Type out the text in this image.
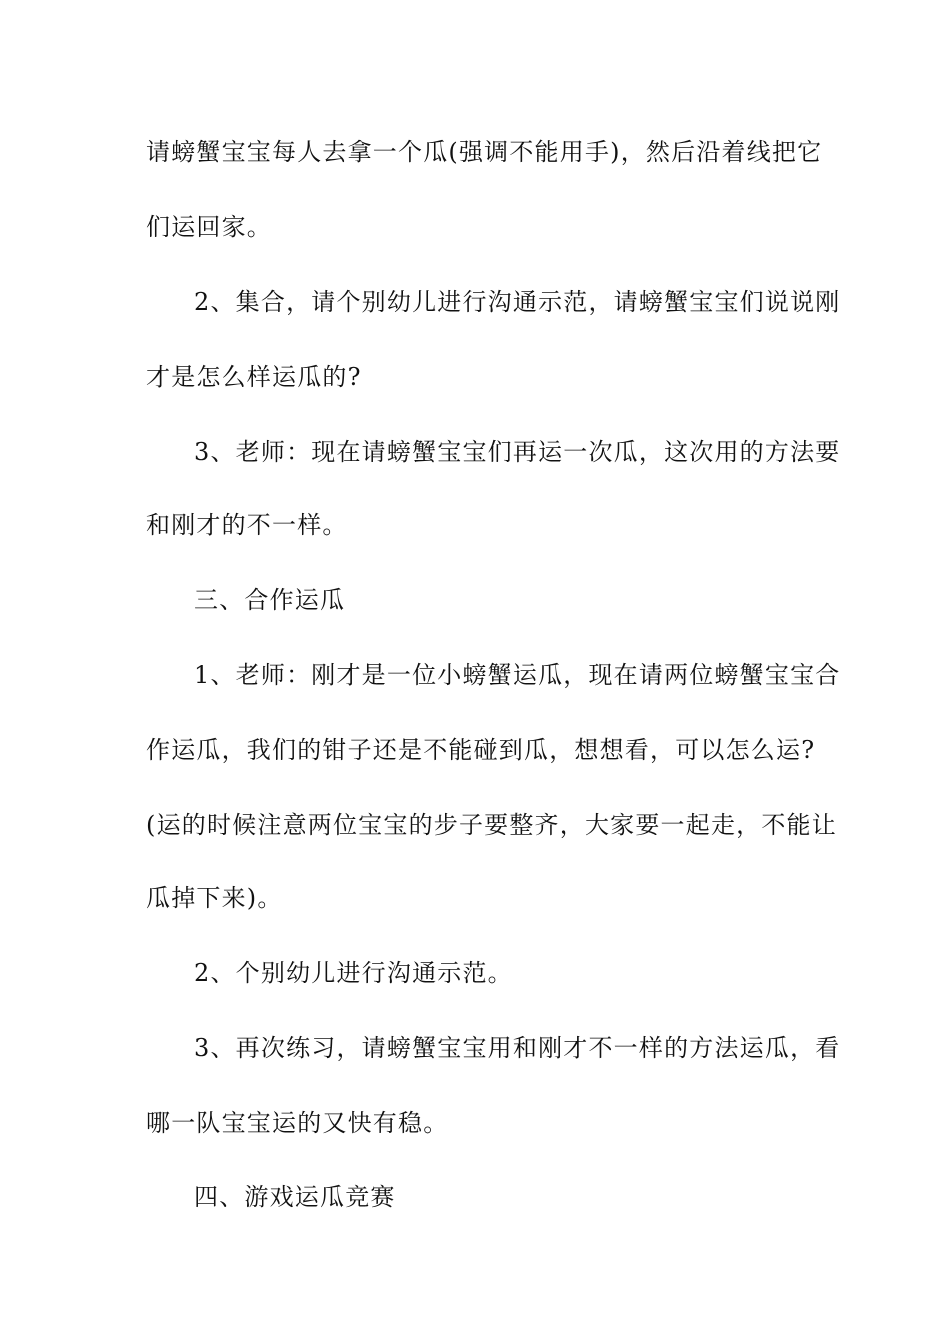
请螃蟹宝宝每人去拿一个瓜(强调不能用手)，然后沿着线把它
们运回家。
2、集合，请个别幼儿进行沟通示范，请螃蟹宝宝们说说刚
才是怎么样运瓜的?
3、老师：现在请螃蟹宝宝们再运一次瓜，这次用的方法要
和刚才的不一样。
三、合作运瓜
1、老师：刚才是一位小螃蟹运瓜，现在请两位螃蟹宝宝合
作运瓜，我们的钳子还是不能碰到瓜，想想看，可以怎么运?
(运的时候注意两位宝宝的步子要整齐，大家要一起走，不能让
瓜掉下来)。
2、个别幼儿进行沟通示范。
3、再次练习，请螃蟹宝宝用和刚才不一样的方法运瓜，看
哪一队宝宝运的又快有稳。
四、游戏运瓜竞赛
